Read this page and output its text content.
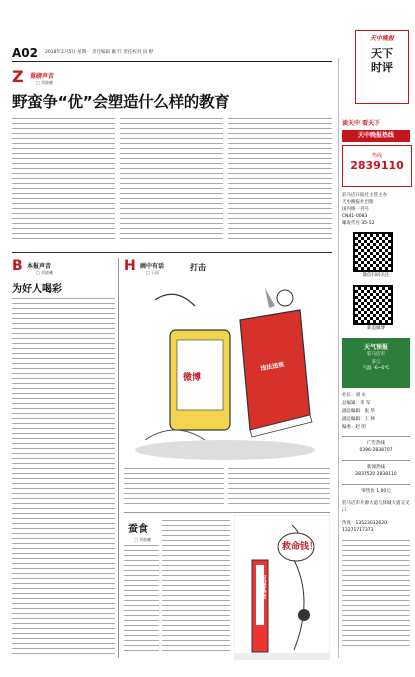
A02 2018年2月5日 星期一 责任编辑 戴 红 责任校对 田 野
天中晚报
天下
时评
Z 重磅声音
□ 刘晓曦
野蛮争“优”会塑造什么样的教育
B 本报声音
□ 刘晓曦
为好人喝彩
H 画中有话
□ 石雨
打击
微博
违法违规
蚕食
□ 刘晓曦
救命钱！
医保基金
读天中 看天下
天中晚报热线
热线
2839110
驻马店日报社主管主办
天中晚报社出版
国内统一刊号
CN41-0083
邮发代号 35-52
微信扫码关注
新浪微博
天气预报
驻马店市
多云
气温 -6~6℃
社长：刘 永
总编辑：李 军
副总编辑：张 华
副总编辑：王 林
编委：赵 明
广告热线
0396-2838707
新闻热线
2837520 2838110
零售价 1.00元
驻马店市开源大道与驿城大道交叉口
传真：13523032620
13271717373
